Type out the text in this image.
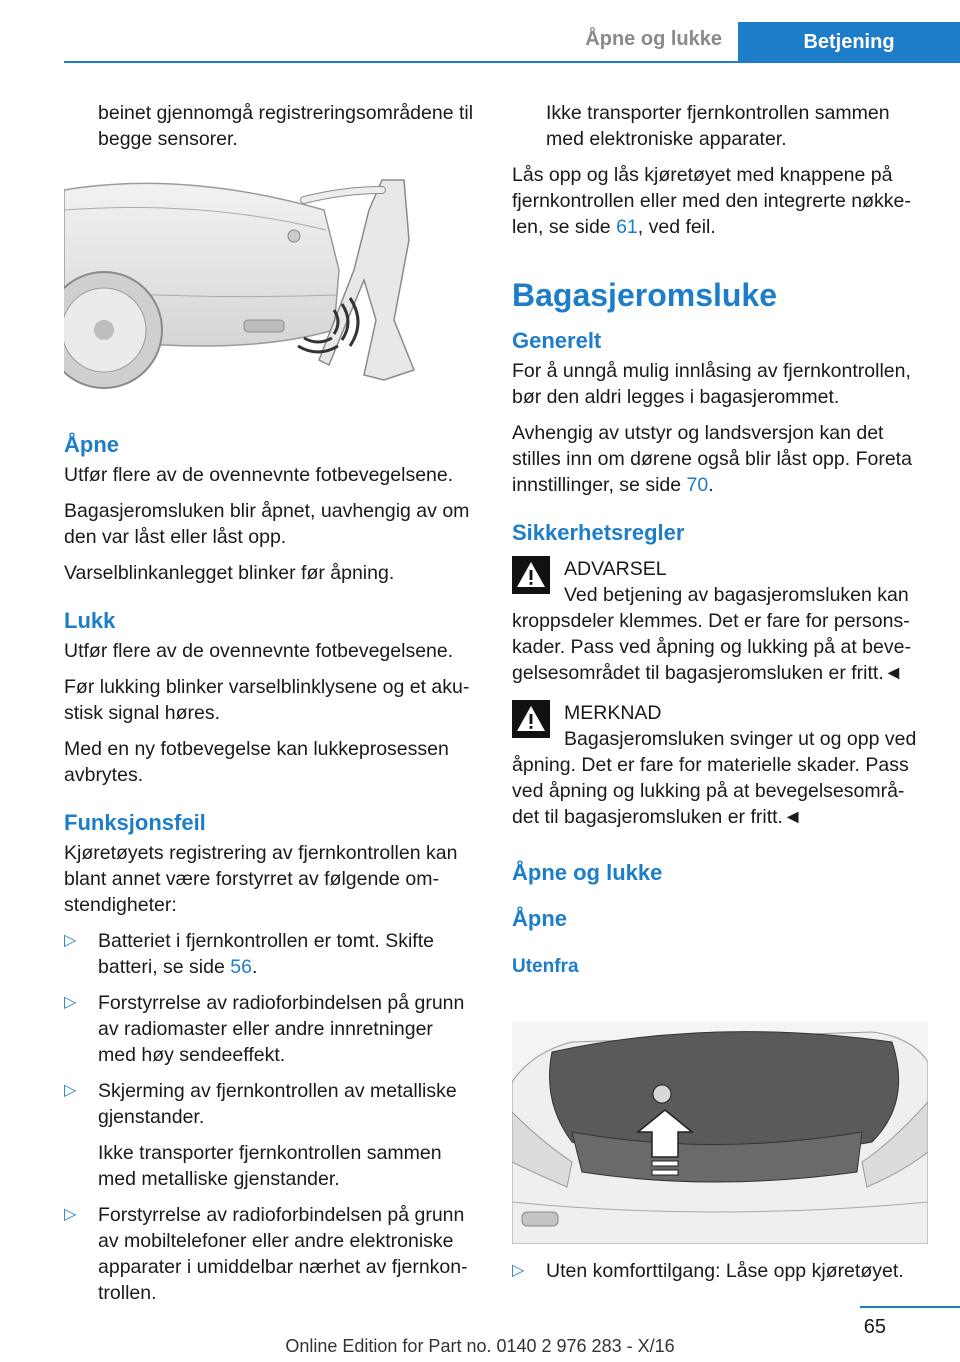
Åpne og lukke	Betjening

beinet gjennomgå registreringsområdene til begge sensorer.

Åpne

Utfør flere av de ovennevnte fotbevegelsene.

Bagasjeromsluken blir åpnet, uavhengig av om den var låst eller låst opp.

Varselblinkanlegget blinker før åpning.

Lukk

Utfør flere av de ovennevnte fotbevegelsene.

Før lukking blinker varselblinklysene og et aku- stisk signal høres.

Med en ny fotbevegelse kan lukkeprosessen avbrytes.

Funksjonsfeil

Kjøretøyets registrering av fjernkontrollen kan blant annet være forstyrret av følgende om- stendigheter:

▷ Batteriet i fjernkontrollen er tomt. Skifte batteri, se side 56.
▷ Forstyrrelse av radioforbindelsen på grunn av radiomaster eller andre innretninger med høy sendeeffekt.
▷ Skjerming av fjernkontrollen av metalliske gjenstander.
Ikke transporter fjernkontrollen sammen med metalliske gjenstander.
▷ Forstyrrelse av radioforbindelsen på grunn av mobiltelefoner eller andre elektroniske apparater i umiddelbar nærhet av fjernkon- trollen.

Ikke transporter fjernkontrollen sammen med elektroniske apparater.

Lås opp og lås kjøretøyet med knappene på fjernkontrollen eller med den integrerte nøkke- len, se side 61, ved feil.

Bagasjeromsluke
Generelt

For å unngå mulig innlåsing av fjernkontrollen, bør den aldri legges i bagasjerommet.

Avhengig av utstyr og landsversjon kan det stilles inn om dørene også blir låst opp. Foreta innstillinger, se side 70.

Sikkerhetsregler
ADVARSEL
Ved betjening av bagasjeromsluken kan
kroppsdeler klemmes. Det er fare for persons- kader. Pass ved åpning og lukking på at beve- gelsesområdet til bagasjeromsluken er fritt.◄
MERKNAD
Bagasjeromsluken svinger ut og opp ved
åpning. Det er fare for materielle skader. Pass ved åpning og lukking på at bevegelsesområ- det til bagasjeromsluken er fritt.◄
Åpne og lukke
Åpne
Utenfra
▷ Uten komforttilgang: Låse opp kjøretøyet.
65
Online Edition for Part no. 0140 2 976 283 - X/16
